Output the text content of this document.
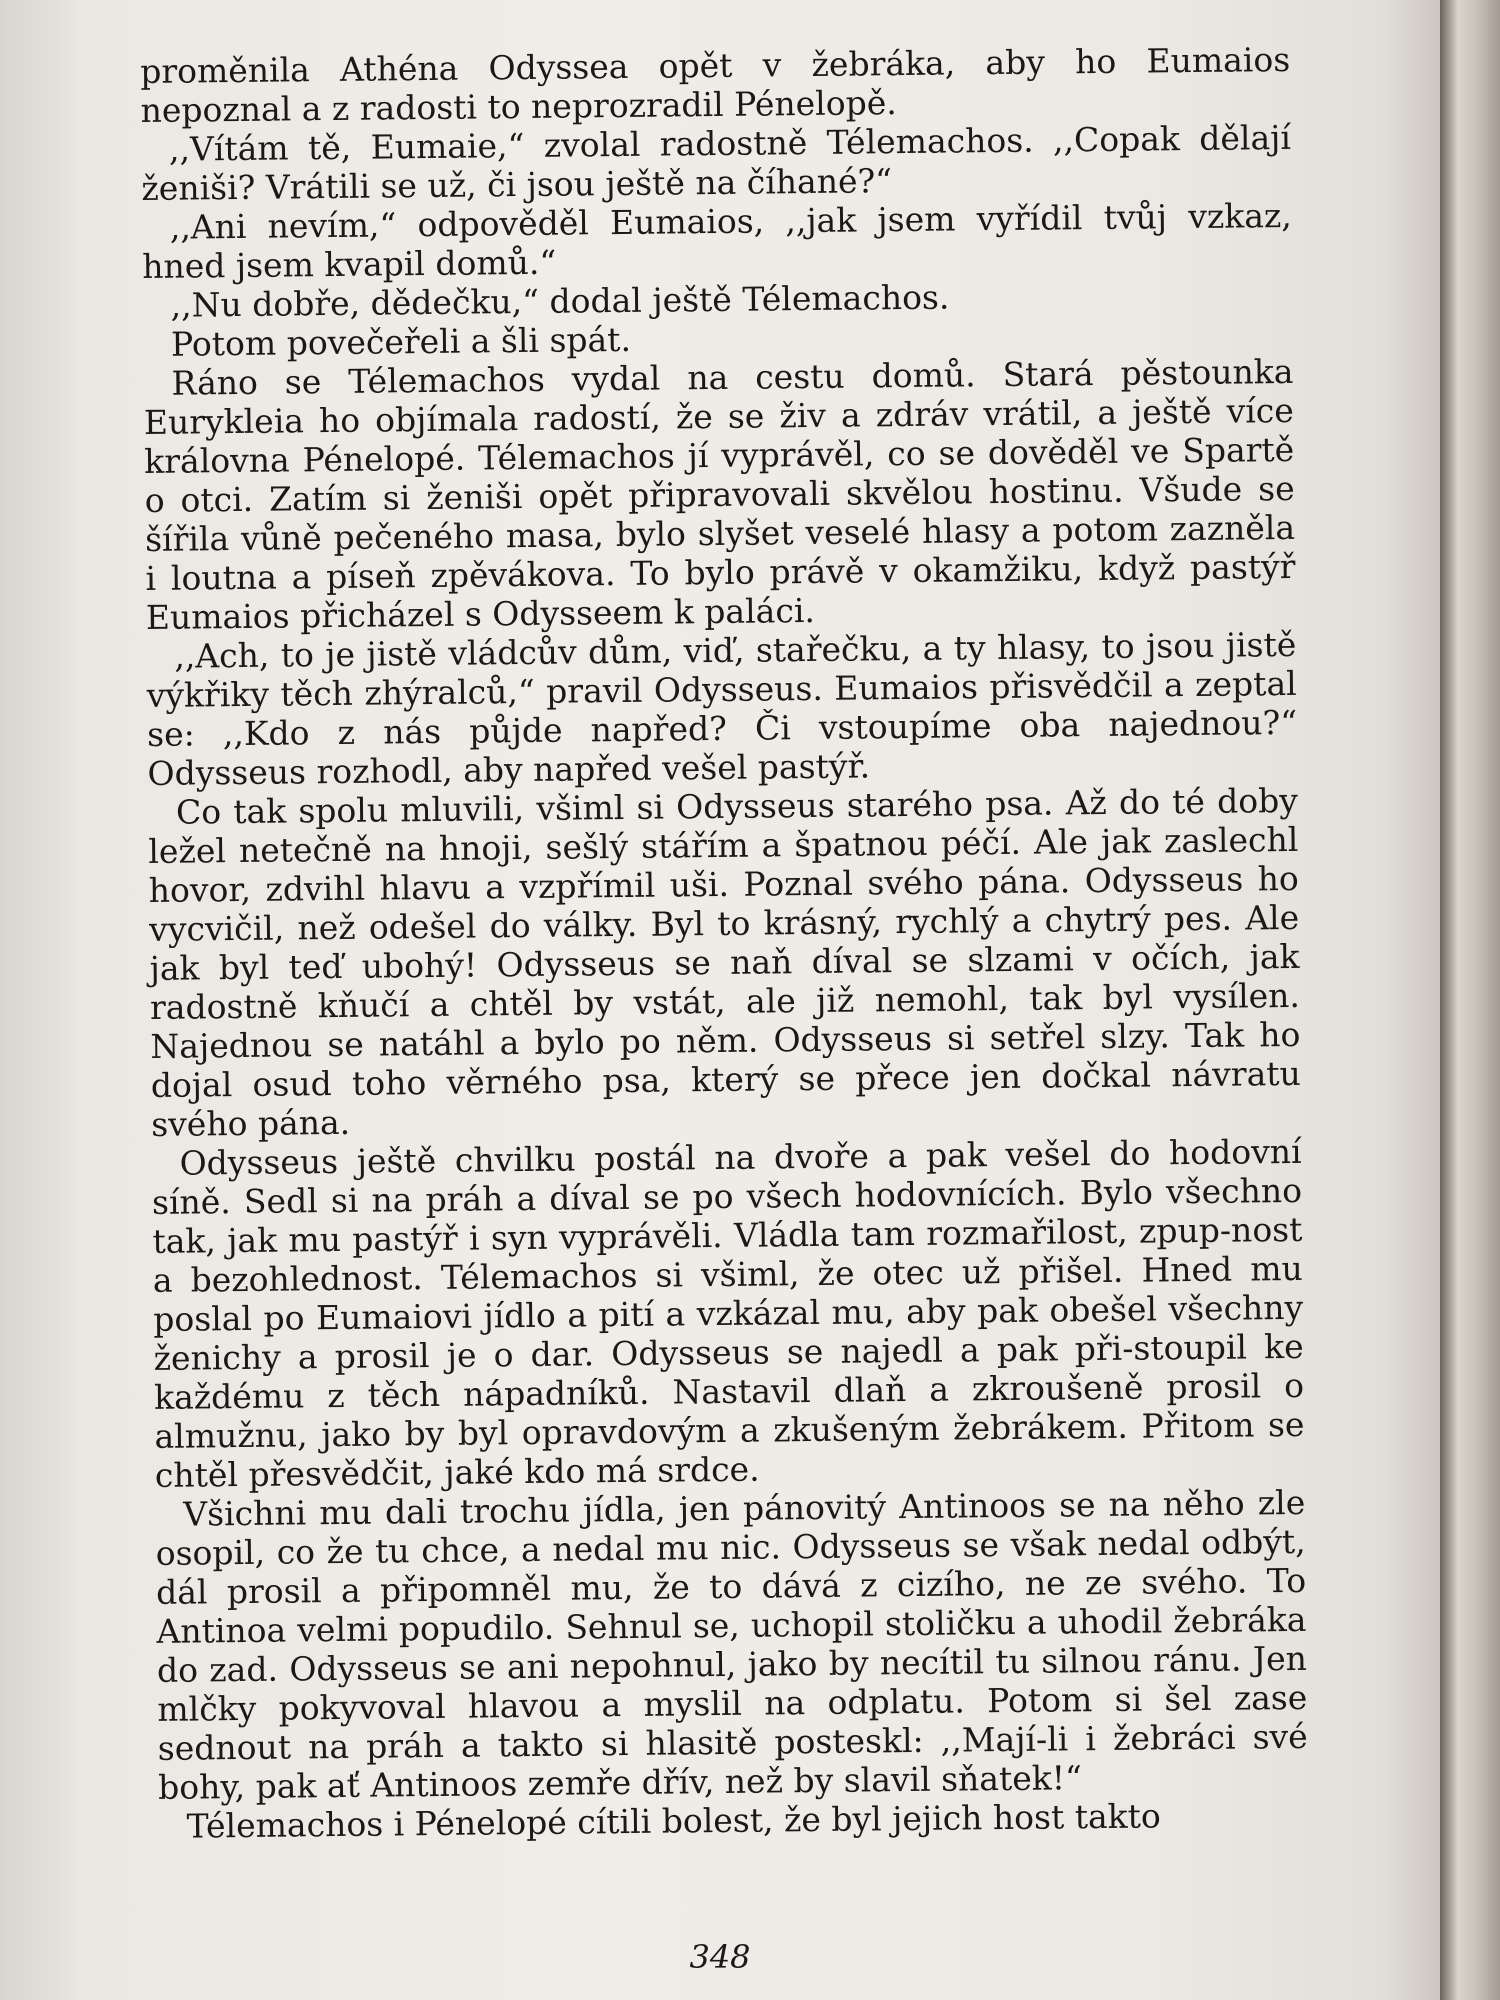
proměnila Athéna Odyssea opět v žebráka, aby ho Eumaios nepoznal a z radosti to neprozradil Pénelopě.

,,Vítám tě, Eumaie,“ zvolal radostně Télemachos. ,,Copak dělají ženiši? Vrátili se už, či jsou ještě na číhané?“

,,Ani nevím,“ odpověděl Eumaios, ,,jak jsem vyřídil tvůj vzkaz, hned jsem kvapil domů.“

,,Nu dobře, dědečku,“ dodal ještě Télemachos.

Potom povečeřeli a šli spát.

Ráno se Télemachos vydal na cestu domů. Stará pěstounka Eurykleia ho objímala radostí, že se živ a zdráv vrátil, a ještě více královna Pénelopé. Télemachos jí vyprávěl, co se dověděl ve Spartě o otci. Zatím si ženiši opět připravovali skvělou hostinu. Všude se šířila vůně pečeného masa, bylo slyšet veselé hlasy a potom zazněla i loutna a píseň zpěvákova. To bylo právě v okamžiku, když pastýř Eumaios přicházel s Odysseem k paláci.

,,Ach, to je jistě vládcův dům, viď, stařečku, a ty hlasy, to jsou jistě výkřiky těch zhýralců,“ pravil Odysseus. Eumaios přisvědčil a zeptal se: ,,Kdo z nás půjde napřed? Či vstoupíme oba najednou?“ Odysseus rozhodl, aby napřed vešel pastýř.

Co tak spolu mluvili, všiml si Odysseus starého psa. Až do té doby ležel netečně na hnoji, sešlý stářím a špatnou péčí. Ale jak zaslechl hovor, zdvihl hlavu a vzpřímil uši. Poznal svého pána. Odysseus ho vycvičil, než odešel do války. Byl to krásný, rychlý a chytrý pes. Ale jak byl teď ubohý! Odysseus se naň díval se slzami v očích, jak radostně kňučí a chtěl by vstát, ale již nemohl, tak byl vysílen. Najednou se natáhl a bylo po něm. Odysseus si setřel slzy. Tak ho dojal osud toho věrného psa, který se přece jen dočkal návratu svého pána.

Odysseus ještě chvilku postál na dvoře a pak vešel do hodovní síně. Sedl si na práh a díval se po všech hodovnících. Bylo všechno tak, jak mu pastýř i syn vyprávěli. Vládla tam rozmařilost, zpup-nost a bezohlednost. Télemachos si všiml, že otec už přišel. Hned mu poslal po Eumaiovi jídlo a pití a vzkázal mu, aby pak obešel všechny ženichy a prosil je o dar. Odysseus se najedl a pak při-stoupil ke každému z těch nápadníků. Nastavil dlaň a zkroušeně prosil o almužnu, jako by byl opravdovým a zkušeným žebrákem. Přitom se chtěl přesvědčit, jaké kdo má srdce.

Všichni mu dali trochu jídla, jen pánovitý Antinoos se na něho zle osopil, co že tu chce, a nedal mu nic. Odysseus se však nedal odbýt, dál prosil a připomněl mu, že to dává z cizího, ne ze svého. To Antinoa velmi popudilo. Sehnul se, uchopil stoličku a uhodil žebráka do zad. Odysseus se ani nepohnul, jako by necítil tu silnou ránu. Jen mlčky pokyvoval hlavou a myslil na odplatu. Potom si šel zase sednout na práh a takto si hlasitě posteskl: ,,Mají-li i žebráci své bohy, pak ať Antinoos zemře dřív, než by slavil sňatek!“

Télemachos i Pénelopé cítili bolest, že byl jejich host takto

348
